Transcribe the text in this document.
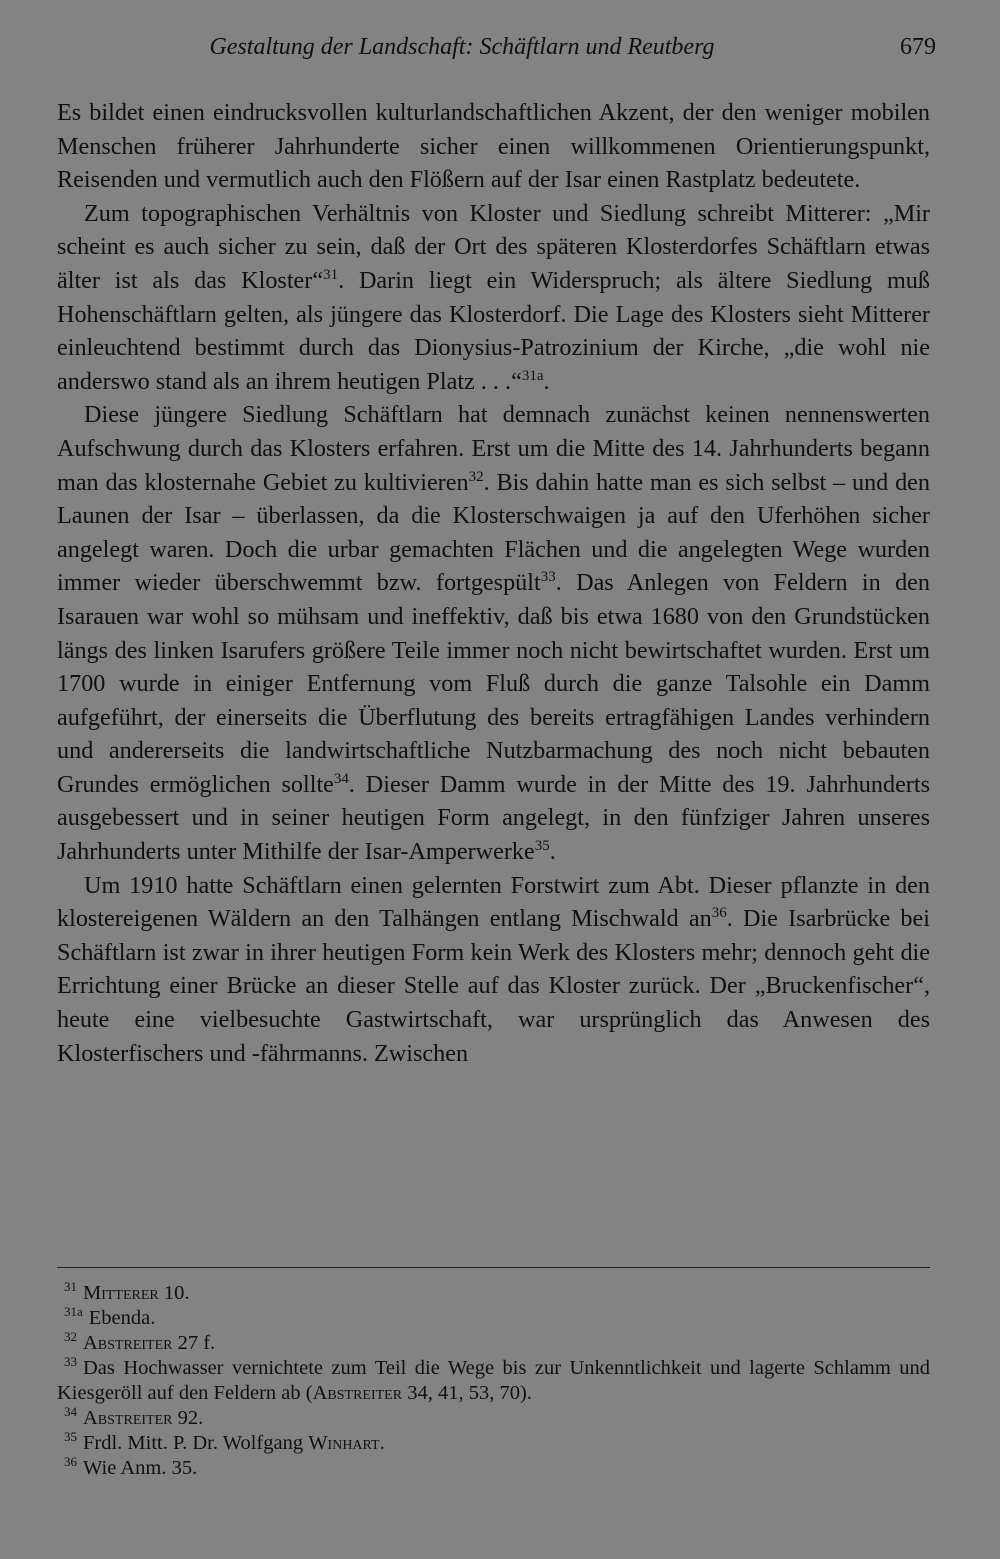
Gestaltung der Landschaft: Schäftlarn und Reutberg	679

Es bildet einen eindrucksvollen kulturlandschaftlichen Akzent, der den weniger mobilen Menschen früherer Jahrhunderte sicher einen willkommenen Orientierungspunkt, Reisenden und vermutlich auch den Flößern auf der Isar einen Rastplatz bedeutete.

Zum topographischen Verhältnis von Kloster und Siedlung schreibt Mitterer: „Mir scheint es auch sicher zu sein, daß der Ort des späteren Klosterdorfes Schäftlarn etwas älter ist als das Kloster“$^{31}$. Darin liegt ein Widerspruch; als ältere Siedlung muß Hohenschäftlarn gelten, als jüngere das Klosterdorf. Die Lage des Klosters sieht Mitterer einleuchtend bestimmt durch das Dionysius-Patrozinium der Kirche, „die wohl nie anderswo stand als an ihrem heutigen Platz . . .“$^{31a}$.

Diese jüngere Siedlung Schäftlarn hat demnach zunächst keinen nennenswerten Aufschwung durch das Klosters erfahren. Erst um die Mitte des 14. Jahrhunderts begann man das klosternahe Gebiet zu kultivieren$^{32}$. Bis dahin hatte man es sich selbst – und den Launen der Isar – überlassen, da die Klosterschwaigen ja auf den Uferhöhen sicher angelegt waren. Doch die urbar gemachten Flächen und die angelegten Wege wurden immer wieder überschwemmt bzw. fortgespült$^{33}$. Das Anlegen von Feldern in den Isarauen war wohl so mühsam und ineffektiv, daß bis etwa 1680 von den Grundstücken längs des linken Isarufers größere Teile immer noch nicht bewirtschaftet wurden. Erst um 1700 wurde in einiger Entfernung vom Fluß durch die ganze Talsohle ein Damm aufgeführt, der einerseits die Überflutung des bereits ertragfähigen Landes verhindern und andererseits die landwirtschaftliche Nutzbarmachung des noch nicht bebauten Grundes ermöglichen sollte$^{34}$. Dieser Damm wurde in der Mitte des 19. Jahrhunderts ausgebessert und in seiner heutigen Form angelegt, in den fünfziger Jahren unseres Jahrhunderts unter Mithilfe der Isar-Amperwerke$^{35}$.

Um 1910 hatte Schäftlarn einen gelernten Forstwirt zum Abt. Dieser pflanzte in den klostereigenen Wäldern an den Talhängen entlang Mischwald $an^{36}$. Die Isarbrücke bei Schäftlarn ist zwar in ihrer heutigen Form kein Werk des Klosters mehr; dennoch geht die Errichtung einer Brücke an dieser Stelle auf das Kloster zurück. Der „Bruckenfischer“, heute eine vielbesuchte Gastwirtschaft, war ursprünglich das Anwesen des Klosterfischers und -fährmanns. Zwischen

$^{31}$ Mitterer 10.

$^{31a}$ Ebenda.

$^{32}$ Abstreiter 27 f.

$^{33}$ Das Hochwasser vernichtete zum Teil die Wege bis zur Unkenntlichkeit und lagerte Schlamm und Kiesgeröll auf den Feldern ab (Abstreiter 34, 41, 53, 70).

$^{34}$ Abstreiter 92.

$^{35}$ Frdl. Mitt. P. Dr. Wolfgang Winhart.

$^{36}$ Wie Anm. 35.
